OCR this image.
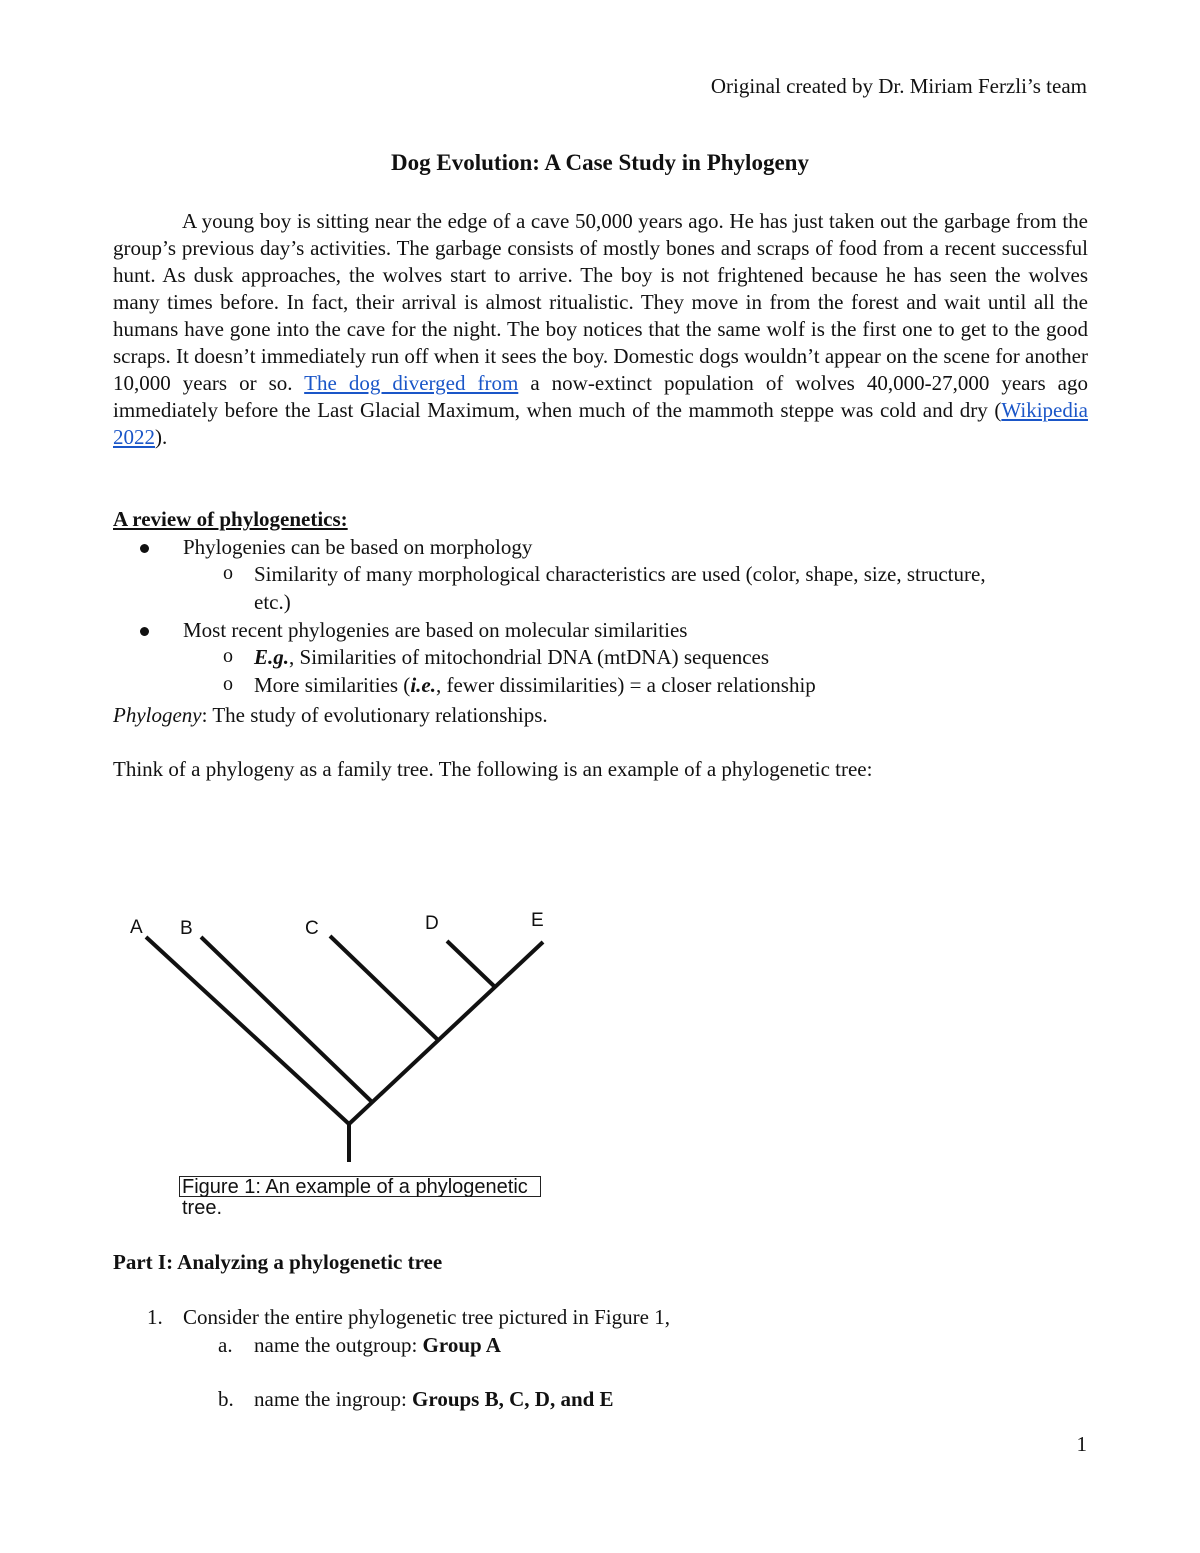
Original created by Dr. Miriam Ferzli’s team
Dog Evolution: A Case Study in Phylogeny
A young boy is sitting near the edge of a cave 50,000 years ago. He has just taken out the garbage from the group’s previous day’s activities. The garbage consists of mostly bones and scraps of food from a recent successful hunt. As dusk approaches, the wolves start to arrive. The boy is not frightened because he has seen the wolves many times before. In fact, their arrival is almost ritualistic. They move in from the forest and wait until all the humans have gone into the cave for the night. The boy notices that the same wolf is the first one to get to the good scraps. It doesn’t immediately run off when it sees the boy. Domestic dogs wouldn’t appear on the scene for another 10,000 years or so. The dog diverged from a now-extinct population of wolves 40,000-27,000 years ago immediately before the Last Glacial Maximum, when much of the mammoth steppe was cold and dry (Wikipedia 2022).
A review of phylogenetics:
Phylogenies can be based on morphology
o Similarity of many morphological characteristics are used (color, shape, size, structure,
etc.)
Most recent phylogenies are based on molecular similarities
o E.g., Similarities of mitochondrial DNA (mtDNA) sequences
o More similarities (i.e., fewer dissimilarities) = a closer relationship
Phylogeny: The study of evolutionary relationships.
Think of a phylogeny as a family tree. The following is an example of a phylogenetic tree:
A B	C	D	E
Figure 1: An example of a phylogenetic tree.
Part I: Analyzing a phylogenetic tree
1. Consider the entire phylogenetic tree pictured in Figure 1,
a. name the outgroup: Group A
b. name the ingroup: Groups B, C, D, and E
1
